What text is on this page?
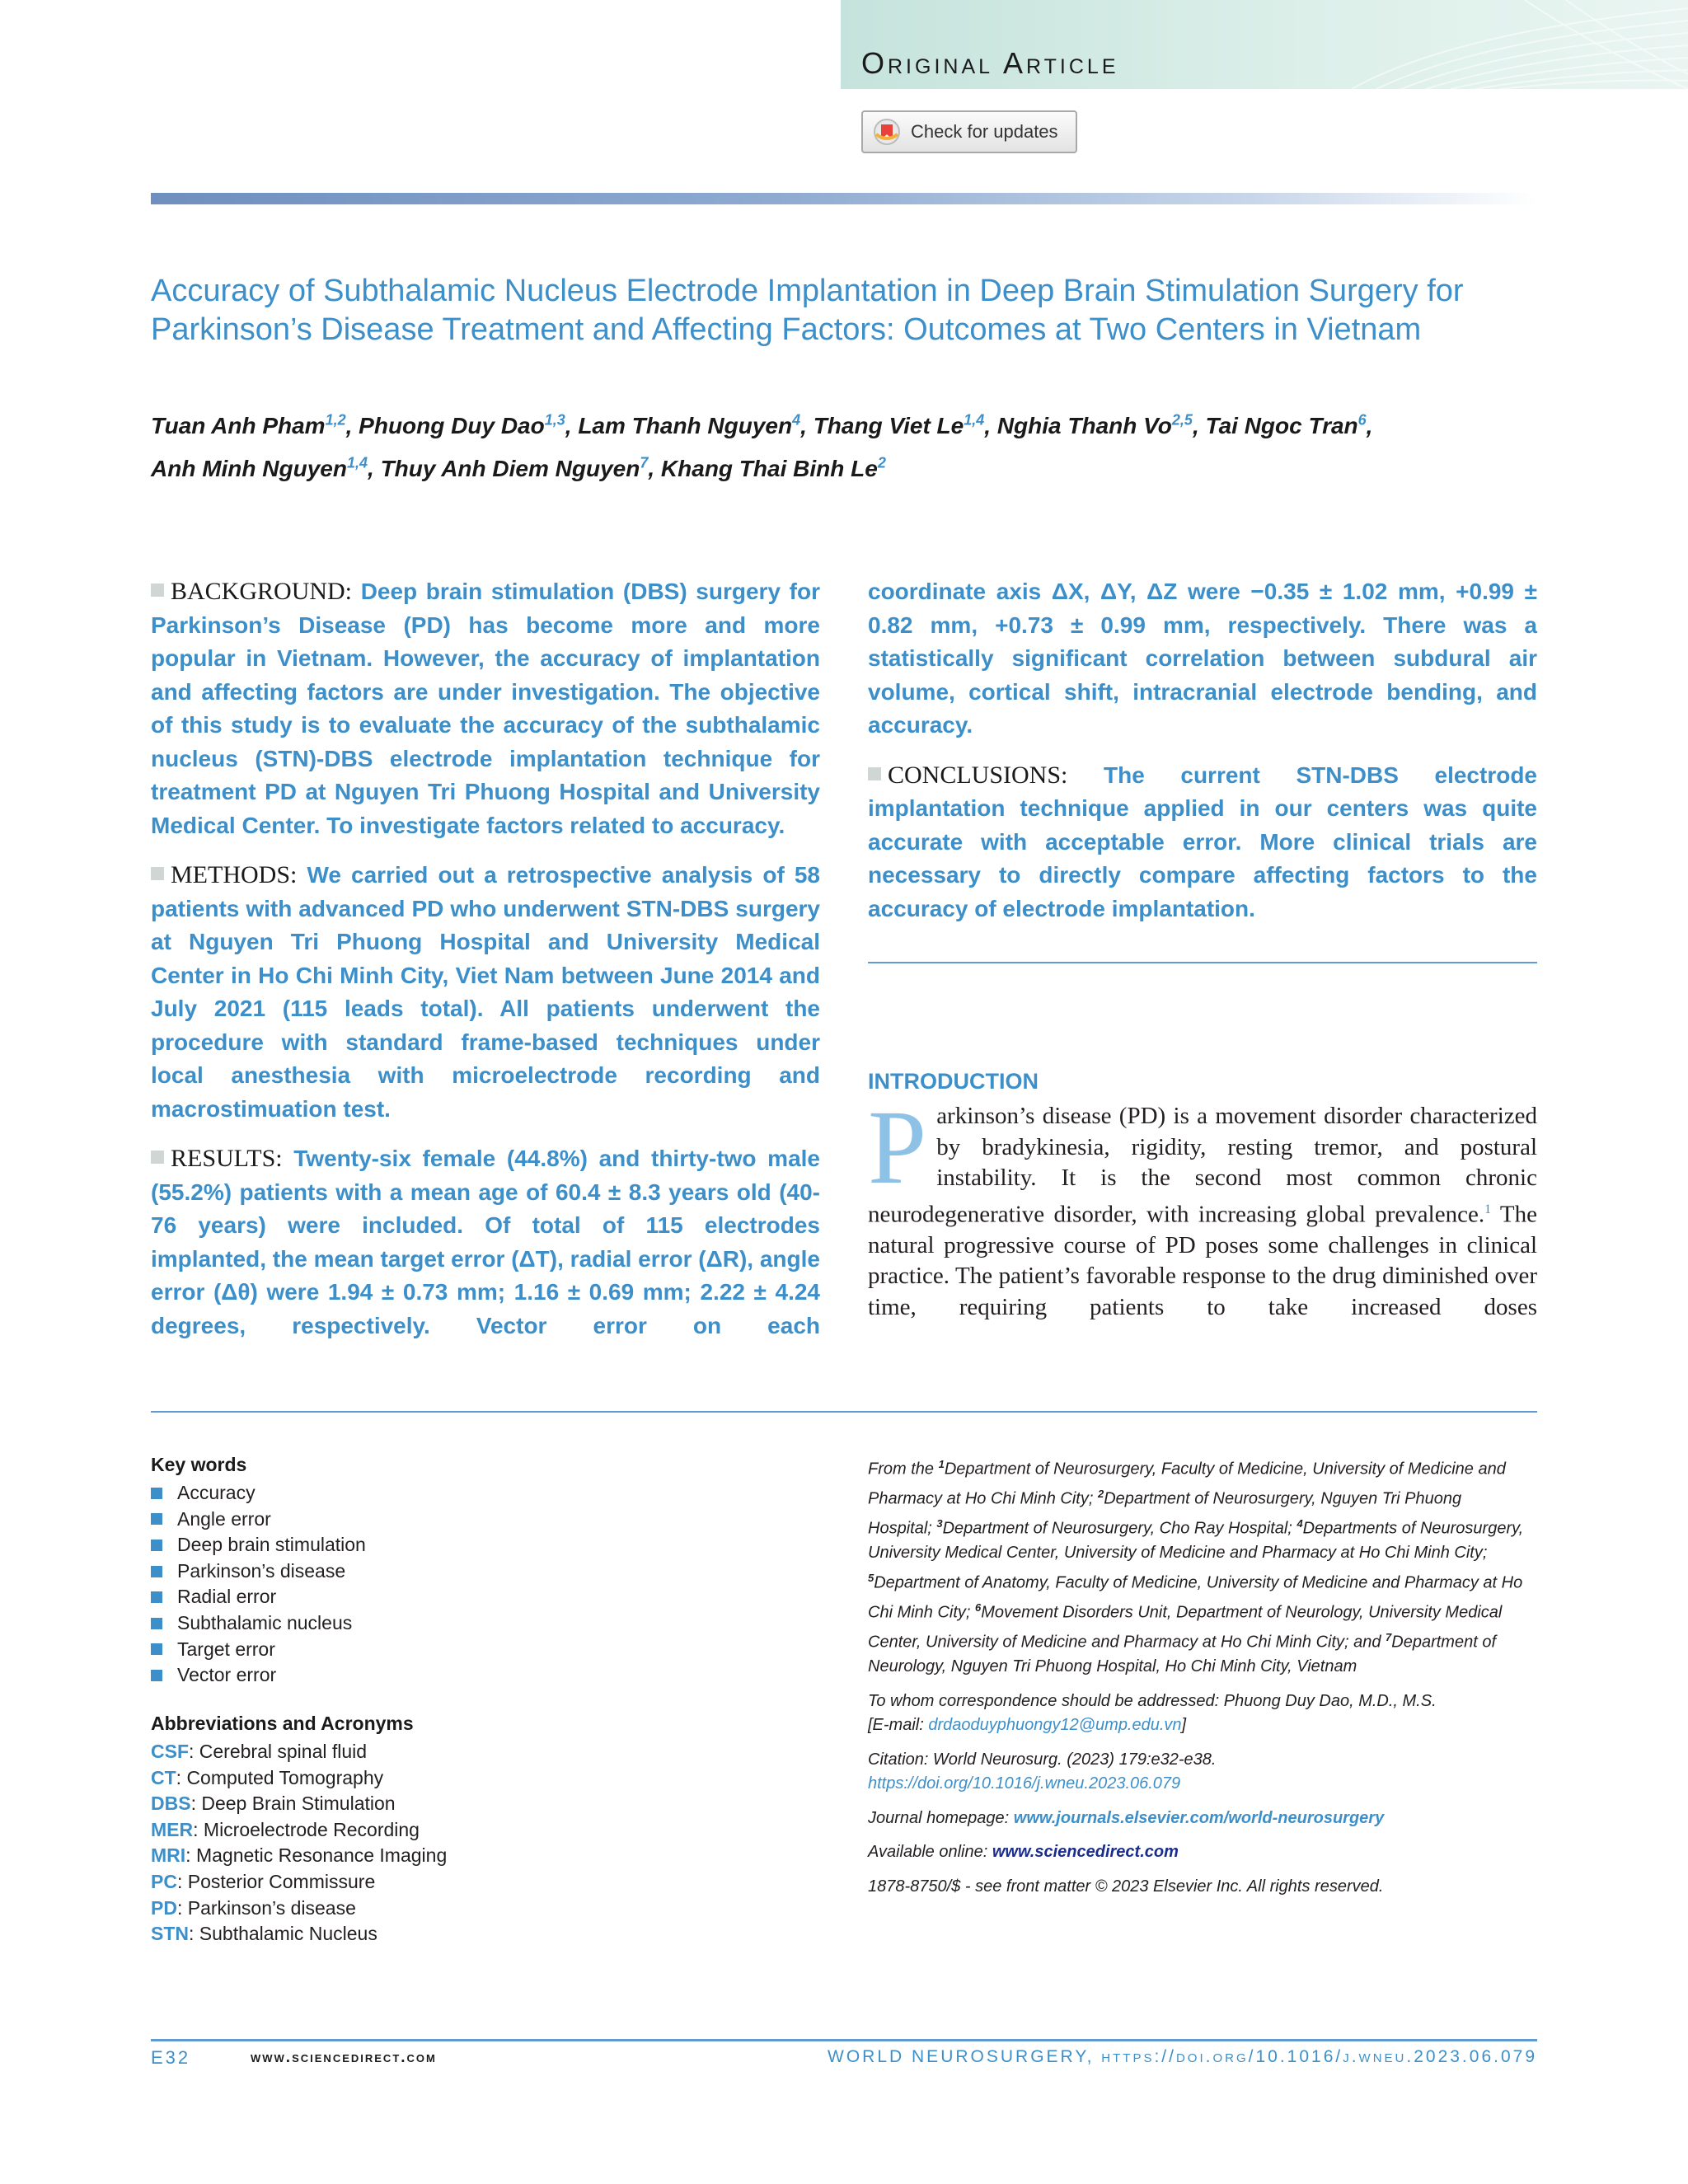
Original Article
Check for updates
Accuracy of Subthalamic Nucleus Electrode Implantation in Deep Brain Stimulation Surgery for Parkinson’s Disease Treatment and Affecting Factors: Outcomes at Two Centers in Vietnam
Tuan Anh Pham$^{1,2}$, Phuong Duy Dao$^{1,3}$, Lam Thanh Nguyen$^4$, Thang Viet Le$^{1,4}$, Nghia Thanh Vo$^{2,5}$, Tai Ngoc Tran$^6$,
Anh Minh Nguyen$^{1,4}$, Thuy Anh Diem Nguyen$^7$, Khang Thai Binh Le$^2$

BACKGROUND: Deep brain stimulation (DBS) surgery for Parkinson’s Disease (PD) has become more and more popular in Vietnam. However, the accuracy of implantation and affecting factors are under investigation. The objective of this study is to evaluate the accuracy of the subthalamic nucleus (STN)-DBS electrode implantation technique for treatment PD at Nguyen Tri Phuong Hospital and University Medical Center. To investigate factors related to accuracy.

METHODS: We carried out a retrospective analysis of 58 patients with advanced PD who underwent STN-DBS surgery at Nguyen Tri Phuong Hospital and University Medical Center in Ho Chi Minh City, Viet Nam between June 2014 and July 2021 (115 leads total). All patients underwent the procedure with standard frame-based techniques under local anesthesia with microelectrode recording and macrostimuation test.

RESULTS: Twenty-six female (44.8%) and thirty-two male (55.2%) patients with a mean age of 60.4 ± 8.3 years old (40-76 years) were included. Of total of 115 electrodes implanted, the mean target error (ΔT), radial error (ΔR), angle error (Δθ) were 1.94 ± 0.73 mm; 1.16 ± 0.69 mm; 2.22 ± 4.24 degrees, respectively. Vector error on each

coordinate axis ΔX, ΔY, ΔZ were −0.35 ± 1.02 mm, +0.99 ± 0.82 mm, +0.73 ± 0.99 mm, respectively. There was a statistically significant correlation between subdural air volume, cortical shift, intracranial electrode bending, and accuracy.

CONCLUSIONS: The current STN-DBS electrode implantation technique applied in our centers was quite accurate with acceptable error. More clinical trials are necessary to directly compare affecting factors to the accuracy of electrode implantation.

INTRODUCTION
Parkinson’s disease (PD) is a movement disorder characterized by bradykinesia, rigidity, resting tremor, and postural instability. It is the second most common chronic neurodegenerative disorder, with increasing global prevalence.$^1$ The natural progressive course of PD poses some challenges in clinical practice. The patient’s favorable response to the drug diminished over time, requiring patients to take increased doses
Key words
Accuracy
Angle error
Deep brain stimulation
Parkinson’s disease
Radial error
Subthalamic nucleus
Target error
Vector error
Abbreviations and Acronyms
CSF: Cerebral spinal fluid
CT: Computed Tomography
DBS: Deep Brain Stimulation
MER: Microelectrode Recording
MRI: Magnetic Resonance Imaging
PC: Posterior Commissure
PD: Parkinson’s disease
STN: Subthalamic Nucleus

From the $^1$Department of Neurosurgery, Faculty of Medicine, University of Medicine and Pharmacy at Ho Chi Minh City; $^2$Department of Neurosurgery, Nguyen Tri Phuong Hospital; $^3$Department of Neurosurgery, Cho Ray Hospital; $^4$Departments of Neurosurgery, University Medical Center, University of Medicine and Pharmacy at Ho Chi Minh City; $^5$Department of Anatomy, Faculty of Medicine, University of Medicine and Pharmacy at Ho Chi Minh City; $^6$Movement Disorders Unit, Department of Neurology, University Medical Center, University of Medicine and Pharmacy at Ho Chi Minh City; and $^7$Department of Neurology, Nguyen Tri Phuong Hospital, Ho Chi Minh City, Vietnam

To whom correspondence should be addressed: Phuong Duy Dao, M.D., M.S.
[E-mail: drdaoduyphuongy12@ump.edu.vn]

Citation: World Neurosurg. (2023) 179:e32-e38.
https://doi.org/10.1016/j.wneu.2023.06.079

Journal homepage: www.journals.elsevier.com/world-neurosurgery

Available online: www.sciencedirect.com

1878-8750/$ - see front matter © 2023 Elsevier Inc. All rights reserved.

E32	www.sciencedirect.com	WORLD NEUROSURGERY, https://doi.org/10.1016/j.wneu.2023.06.079
